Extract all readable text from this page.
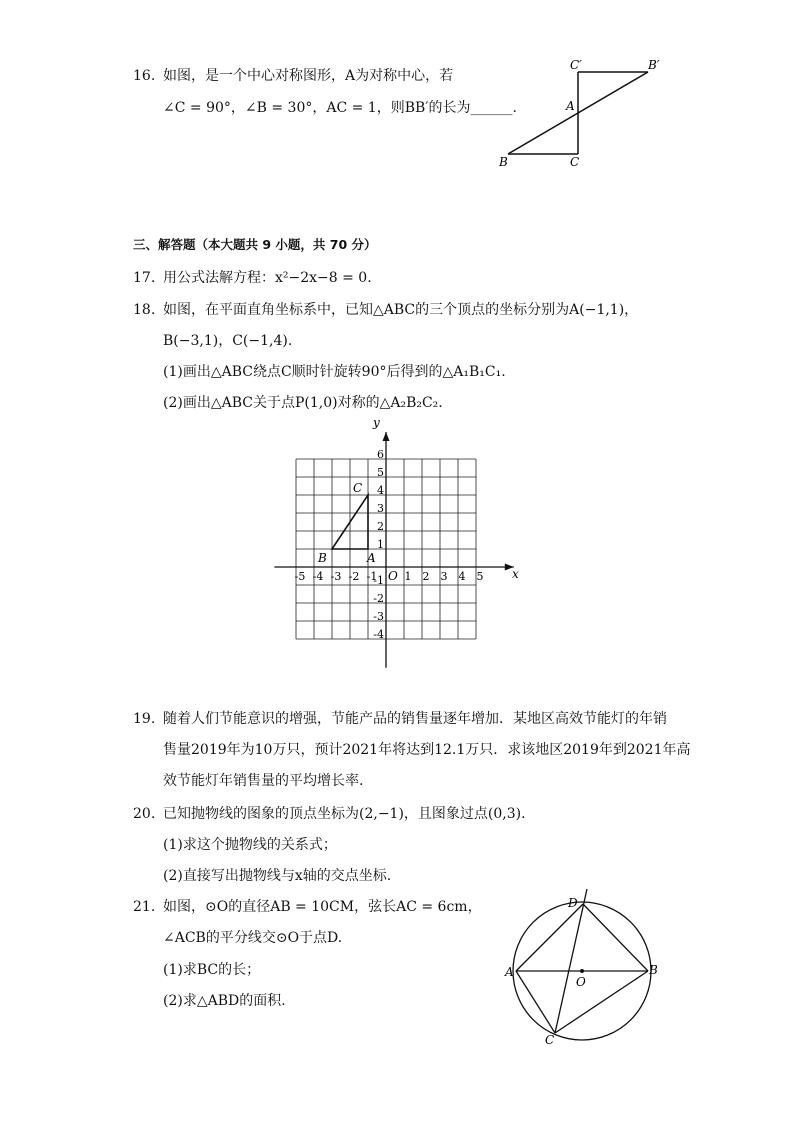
16. 如图，是一个中心对称图形，A为对称中心，若
∠C = 90°，∠B = 30°，AC = 1，则BB′的长为______.
C′	B′
A
B	C
三、解答题（本大题共 9 小题，共 70 分）
17. 用公式法解方程：x²−2x−8 = 0.
18. 如图，在平面直角坐标系中，已知△ABC的三个顶点的坐标分别为A(−1,1)，
B(−3,1)，C(−1,4).
(1)画出△ABC绕点C顺时针旋转90°后得到的△A₁B₁C₁.
(2)画出△ABC关于点P(1,0)对称的△A₂B₂C₂.
x
y
O
-5 -4 -3 -2 -1 1 2 3 4 5
6
5
4
3
2
1
-1
-2
-3
-4
A
B
C
19. 随着人们节能意识的增强，节能产品的销售量逐年增加．某地区高效节能灯的年销
售量2019年为10万只，预计2021年将达到12.1万只．求该地区2019年到2021年高
效节能灯年销售量的平均增长率.
20. 已知抛物线的图象的顶点坐标为(2,−1)，且图象过点(0,3).
(1)求这个抛物线的关系式；
(2)直接写出抛物线与x轴的交点坐标.
21. 如图，⊙O的直径AB = 10CM，弦长AC = 6cm，
∠ACB的平分线交⊙O于点D.
(1)求BC的长；
(2)求△ABD的面积.
D
A	B
O
C
